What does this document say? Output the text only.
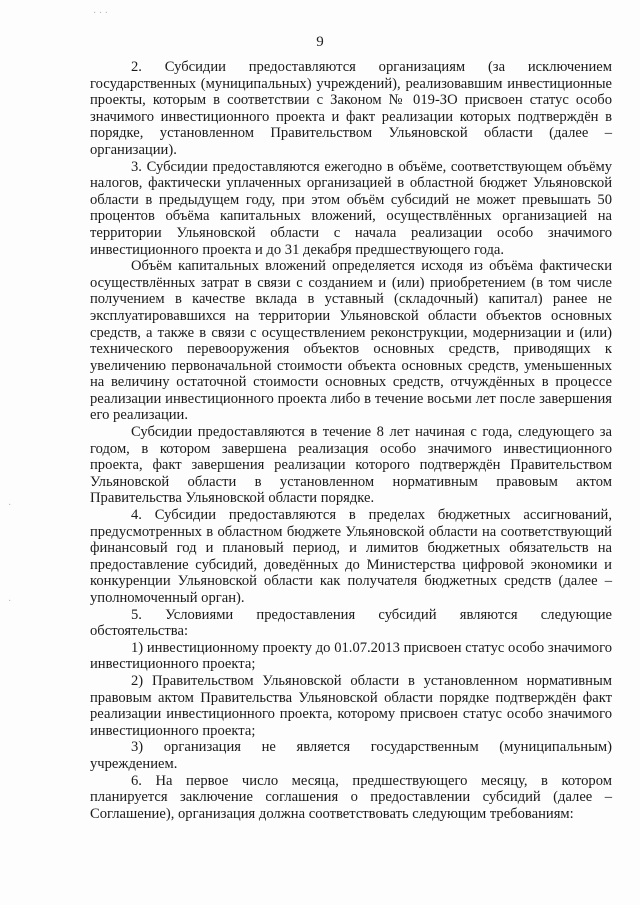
· · ·
·
·
9

2. Субсидии предоставляются организациям (за исключением государственных (муниципальных) учреждений), реализовавшим инвестиционные проекты, которым в соответствии с Законом № 019-ЗО присвоен статус особо значимого инвестиционного проекта и факт реализации которых подтверждён в порядке, установленном Правительством Ульяновской области (далее – организации).

3. Субсидии предоставляются ежегодно в объёме, соответствующем объёму налогов, фактически уплаченных организацией в областной бюджет Ульяновской области в предыдущем году, при этом объём субсидий не может превышать 50 процентов объёма капитальных вложений, осуществлённых организацией на территории Ульяновской области с начала реализации особо значимого инвестиционного проекта и до 31 декабря предшествующего года.

Объём капитальных вложений определяется исходя из объёма фактически осуществлённых затрат в связи с созданием и (или) приобретением (в том числе получением в качестве вклада в уставный (складочный) капитал) ранее не эксплуатировавшихся на территории Ульяновской области объектов основных средств, а также в связи с осуществлением реконструкции, модернизации и (или) технического перевооружения объектов основных средств, приводящих к увеличению первоначальной стоимости объекта основных средств, уменьшенных на величину остаточной стоимости основных средств, отчуждённых в процессе реализации инвестиционного проекта либо в течение восьми лет после завершения его реализации.

Субсидии предоставляются в течение 8 лет начиная с года, следующего за годом, в котором завершена реализация особо значимого инвестиционного проекта, факт завершения реализации которого подтверждён Правительством Ульяновской области в установленном нормативным правовым актом Правительства Ульяновской области порядке.

4. Субсидии предоставляются в пределах бюджетных ассигнований, предусмотренных в областном бюджете Ульяновской области на соответствующий финансовый год и плановый период, и лимитов бюджетных обязательств на предоставление субсидий, доведённых до Министерства цифровой экономики и конкуренции Ульяновской области как получателя бюджетных средств (далее – уполномоченный орган).

5. Условиями предоставления субсидий являются следующие обстоятельства:

1) инвестиционному проекту до 01.07.2013 присвоен статус особо значимого инвестиционного проекта;

2) Правительством Ульяновской области в установленном нормативным правовым актом Правительства Ульяновской области порядке подтверждён факт реализации инвестиционного проекта, которому присвоен статус особо значимого инвестиционного проекта;

3) организация не является государственным (муниципальным) учреждением.

6. На первое число месяца, предшествующего месяцу, в котором планируется заключение соглашения о предоставлении субсидий (далее – Соглашение), организация должна соответствовать следующим требованиям:
